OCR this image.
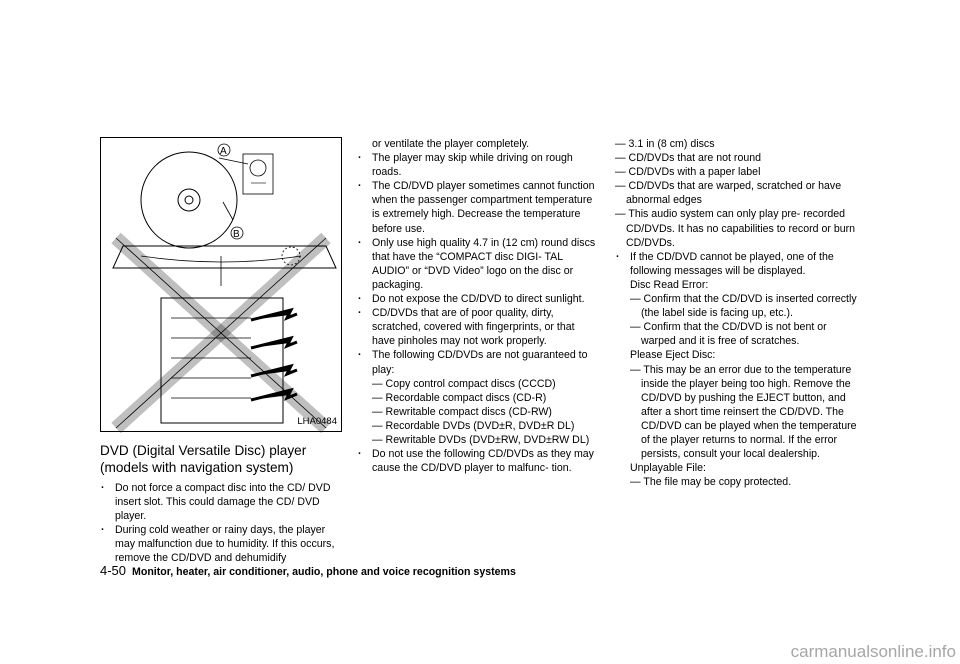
A
B
LHA0484
DVD (Digital Versatile Disc) player (models with navigation system)
. Do not force a compact disc into the CD/ DVD insert slot. This could damage the CD/ DVD player.
. During cold weather or rainy days, the player may malfunction due to humidity. If this occurs, remove the CD/DVD and dehumidify
or ventilate the player completely.
. The player may skip while driving on rough roads.
. The CD/DVD player sometimes cannot function when the passenger compartment temperature is extremely high. Decrease the temperature before use.
. Only use high quality 4.7 in (12 cm) round discs that have the “COMPACT disc DIGI- TAL AUDIO” or “DVD Video” logo on the disc or packaging.
. Do not expose the CD/DVD to direct sunlight.
. CD/DVDs that are of poor quality, dirty, scratched, covered with fingerprints, or that have pinholes may not work properly.
. The following CD/DVDs are not guaranteed to play:
— Copy control compact discs (CCCD)
— Recordable compact discs (CD-R)
— Rewritable compact discs (CD-RW)
— Recordable DVDs (DVD±R, DVD±R DL)
— Rewritable DVDs (DVD±RW, DVD±RW DL)
. Do not use the following CD/DVDs as they may cause the CD/DVD player to malfunc- tion.
— 3.1 in (8 cm) discs
— CD/DVDs that are not round
— CD/DVDs with a paper label
— CD/DVDs that are warped, scratched or have abnormal edges
— This audio system can only play pre- recorded CD/DVDs. It has no capabilities to record or burn CD/DVDs.
. If the CD/DVD cannot be played, one of the following messages will be displayed.
Disc Read Error:
— Confirm that the CD/DVD is inserted correctly (the label side is facing up, etc.).
— Confirm that the CD/DVD is not bent or warped and it is free of scratches.
Please Eject Disc:
— This may be an error due to the temperature inside the player being too high. Remove the CD/DVD by pushing the EJECT button, and after a short time reinsert the CD/DVD. The CD/DVD can be played when the temperature of the player returns to normal. If the error persists, consult your local dealership.
Unplayable File:
— The file may be copy protected.
4-50 Monitor, heater, air conditioner, audio, phone and voice recognition systems
carmanualsonline.info
